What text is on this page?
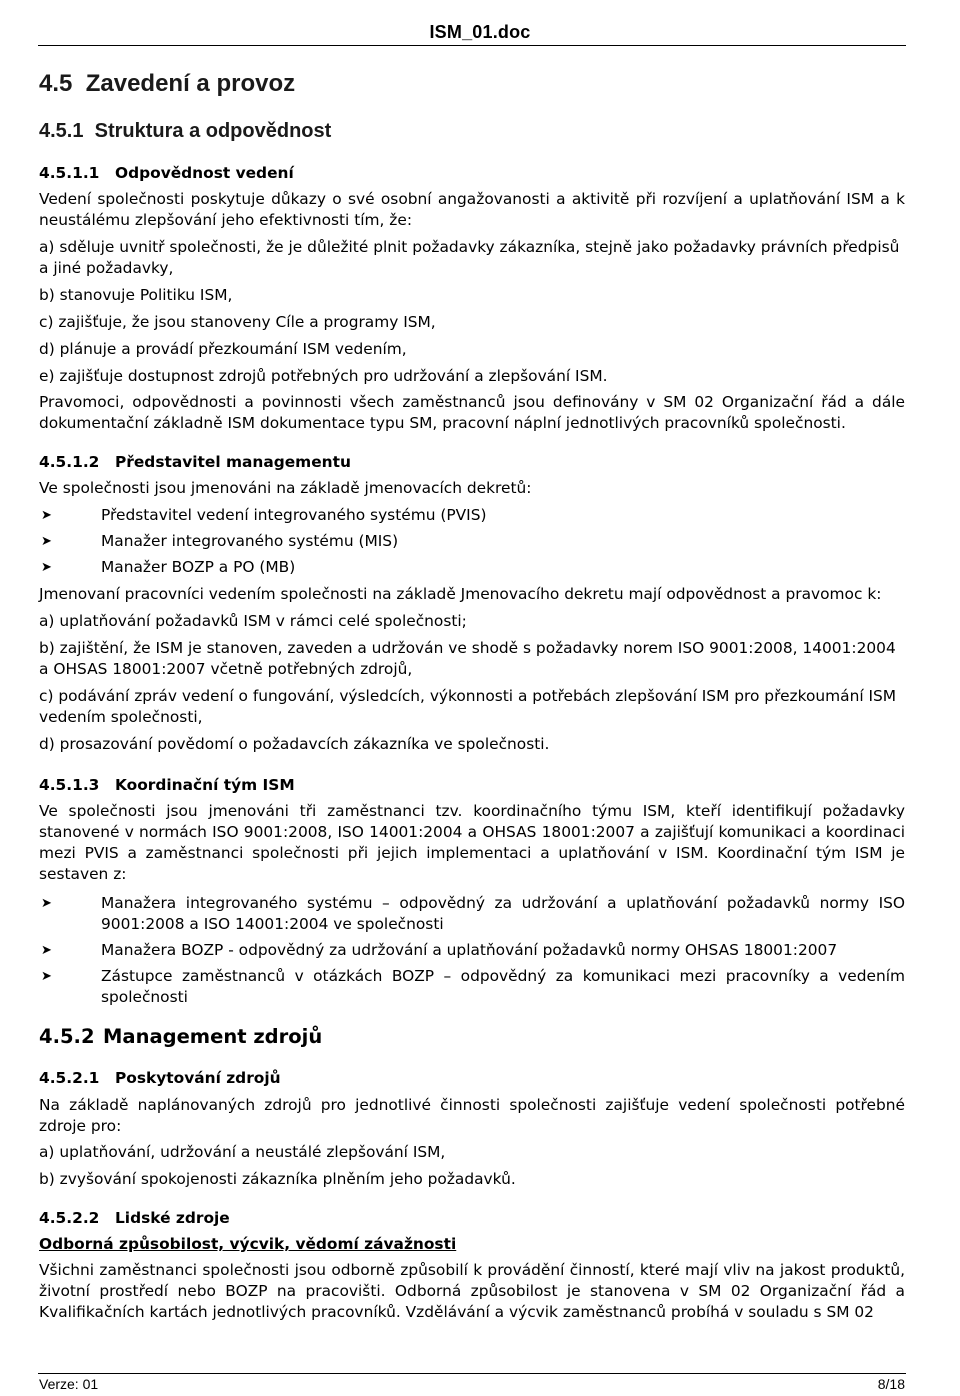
ISM_01.doc
4.5 Zavedení a provoz
4.5.1 Struktura a odpovědnost
4.5.1.1	Odpovědnost vedení

Vedení společnosti poskytuje důkazy o své osobní angažovanosti a aktivitě při rozvíjení a uplatňování ISM a k neustálému zlepšování jeho efektivnosti tím, že:

a) sděluje uvnitř společnosti, že je důležité plnit požadavky zákazníka, stejně jako požadavky právních předpisů a jiné požadavky,

b) stanovuje Politiku ISM,

c) zajišťuje, že jsou stanoveny Cíle a programy ISM,

d) plánuje a provádí přezkoumání ISM vedením,

e) zajišťuje dostupnost zdrojů potřebných pro udržování a zlepšování ISM.

Pravomoci, odpovědnosti a povinnosti všech zaměstnanců jsou definovány v SM 02 Organizační řád a dále dokumentační základně ISM dokumentace typu SM, pracovní náplní jednotlivých pracovníků společnosti.

4.5.1.2	Představitel managementu

Ve společnosti jsou jmenováni na základě jmenovacích dekretů:

➤	Představitel vedení integrovaného systému (PVIS)
➤	Manažer integrovaného systému (MIS)
➤	Manažer BOZP a PO (MB)

Jmenovaní pracovníci vedením společnosti na základě Jmenovacího dekretu mají odpovědnost a pravomoc k:

a) uplatňování požadavků ISM v rámci celé společnosti;

b) zajištění, že ISM je stanoven, zaveden a udržován ve shodě s požadavky norem ISO 9001:2008, 14001:2004 a OHSAS 18001:2007 včetně potřebných zdrojů,

c) podávání zpráv vedení o fungování, výsledcích, výkonnosti a potřebách zlepšování ISM pro přezkoumání ISM vedením společnosti,

d) prosazování povědomí o požadavcích zákazníka ve společnosti.

4.5.1.3	Koordinační tým ISM

Ve společnosti jsou jmenováni tři zaměstnanci tzv. koordinačního týmu ISM, kteří identifikují požadavky stanovené v normách ISO 9001:2008, ISO 14001:2004 a OHSAS 18001:2007 a zajišťují komunikaci a koordinaci mezi PVIS a zaměstnanci společnosti při jejich implementaci a uplatňování v ISM. Koordinační tým ISM je sestaven z:

➤	Manažera integrovaného systému – odpovědný za udržování a uplatňování požadavků normy ISO 9001:2008 a ISO 14001:2004 ve společnosti
➤	Manažera BOZP - odpovědný za udržování a uplatňování požadavků normy OHSAS 18001:2007
➤	Zástupce zaměstnanců v otázkách BOZP – odpovědný za komunikaci mezi pracovníky a vedením společnosti
4.5.2 Management zdrojů
4.5.2.1	Poskytování zdrojů

Na základě naplánovaných zdrojů pro jednotlivé činnosti společnosti zajišťuje vedení společnosti potřebné zdroje pro:

a) uplatňování, udržování a neustálé zlepšování ISM,

b) zvyšování spokojenosti zákazníka plněním jeho požadavků.

4.5.2.2	Lidské zdroje

Odborná způsobilost, výcvik, vědomí závažnosti

Všichni zaměstnanci společnosti jsou odborně způsobilí k provádění činností, které mají vliv na jakost produktů, životní prostředí nebo BOZP na pracovišti. Odborná způsobilost je stanovena v SM 02 Organizační řád a Kvalifikačních kartách jednotlivých pracovníků. Vzdělávání a výcvik zaměstnanců probíhá v souladu s SM 02

Verze: 01	8/18
